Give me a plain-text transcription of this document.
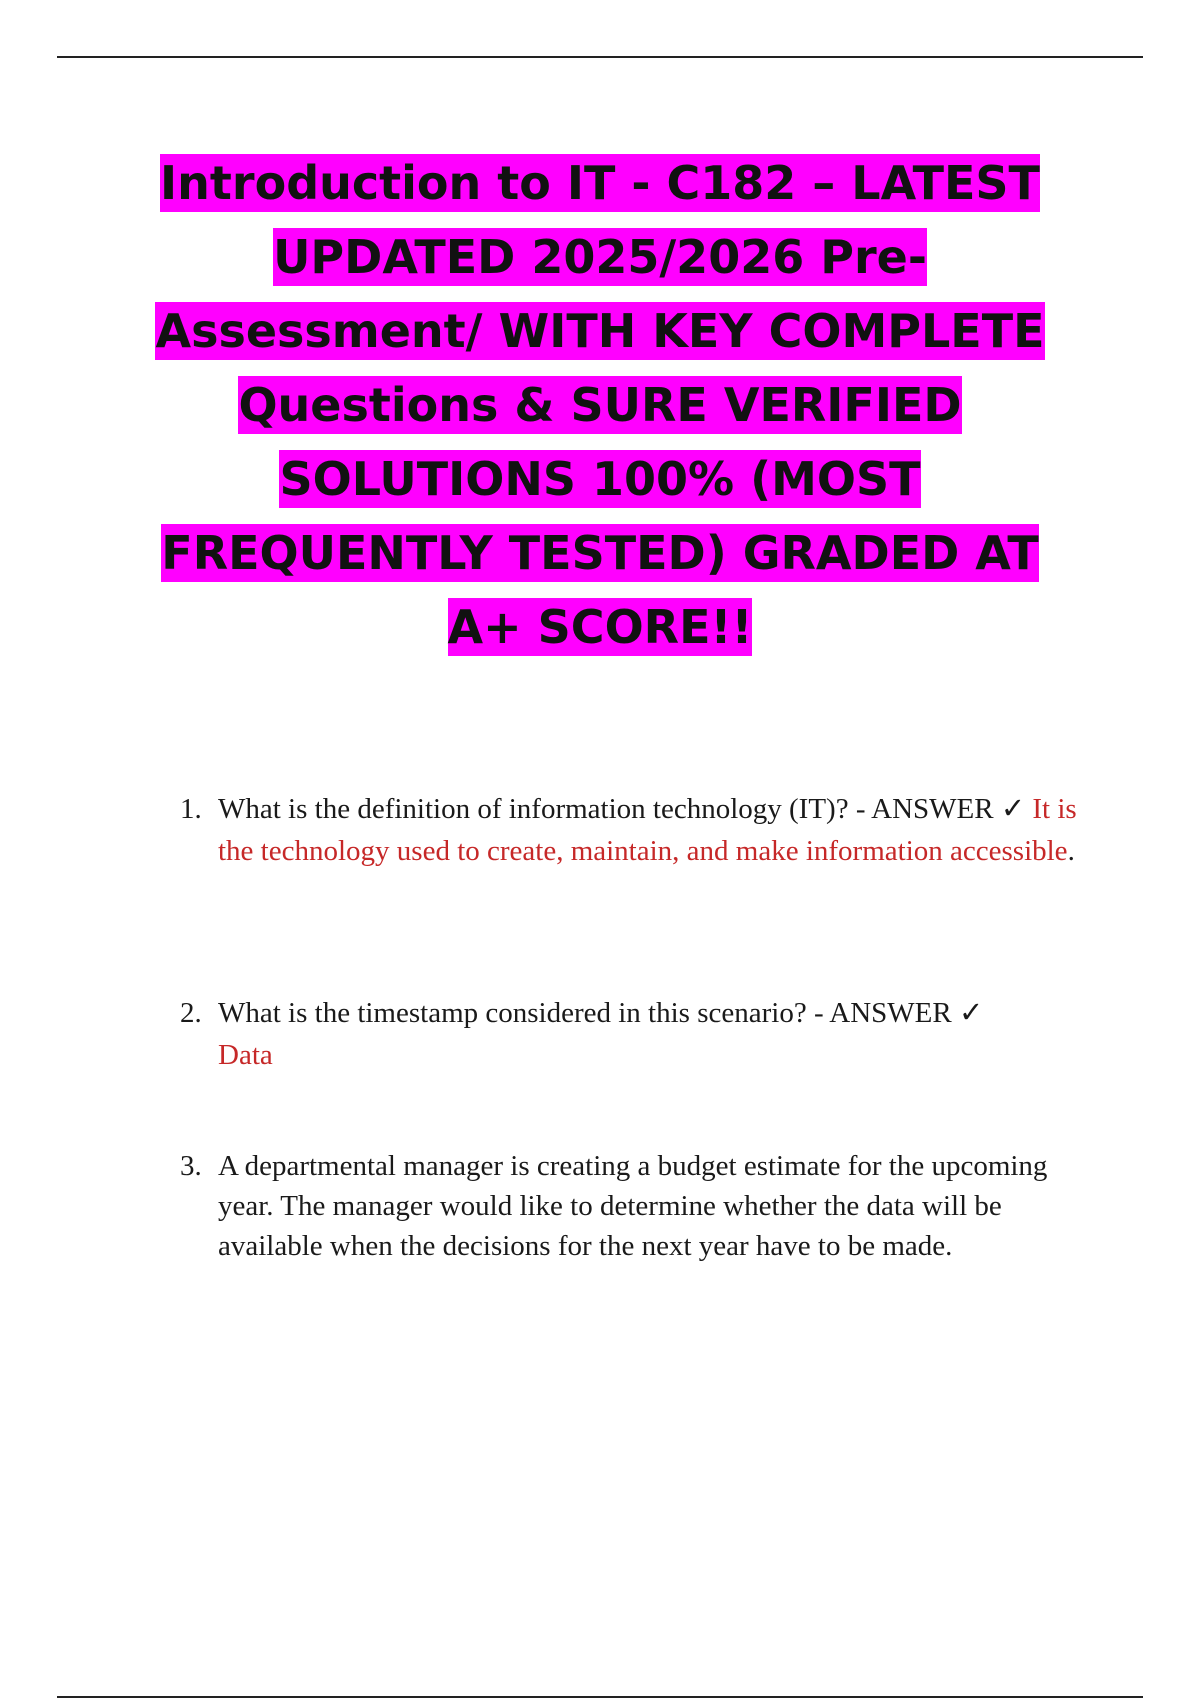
Introduction to IT - C182 – LATEST
UPDATED 2025/2026 Pre-
Assessment/ WITH KEY COMPLETE
Questions & SURE VERIFIED
SOLUTIONS 100% (MOST
FREQUENTLY TESTED) GRADED AT
A+ SCORE!!
1. What is the definition of information technology (IT)? - ANSWER ✓ It is the technology used to create, maintain, and make information accessible.
2. What is the timestamp considered in this scenario? - ANSWER ✓
Data
3. A departmental manager is creating a budget estimate for the upcoming year. The manager would like to determine whether the data will be available when the decisions for the next year have to be made.
